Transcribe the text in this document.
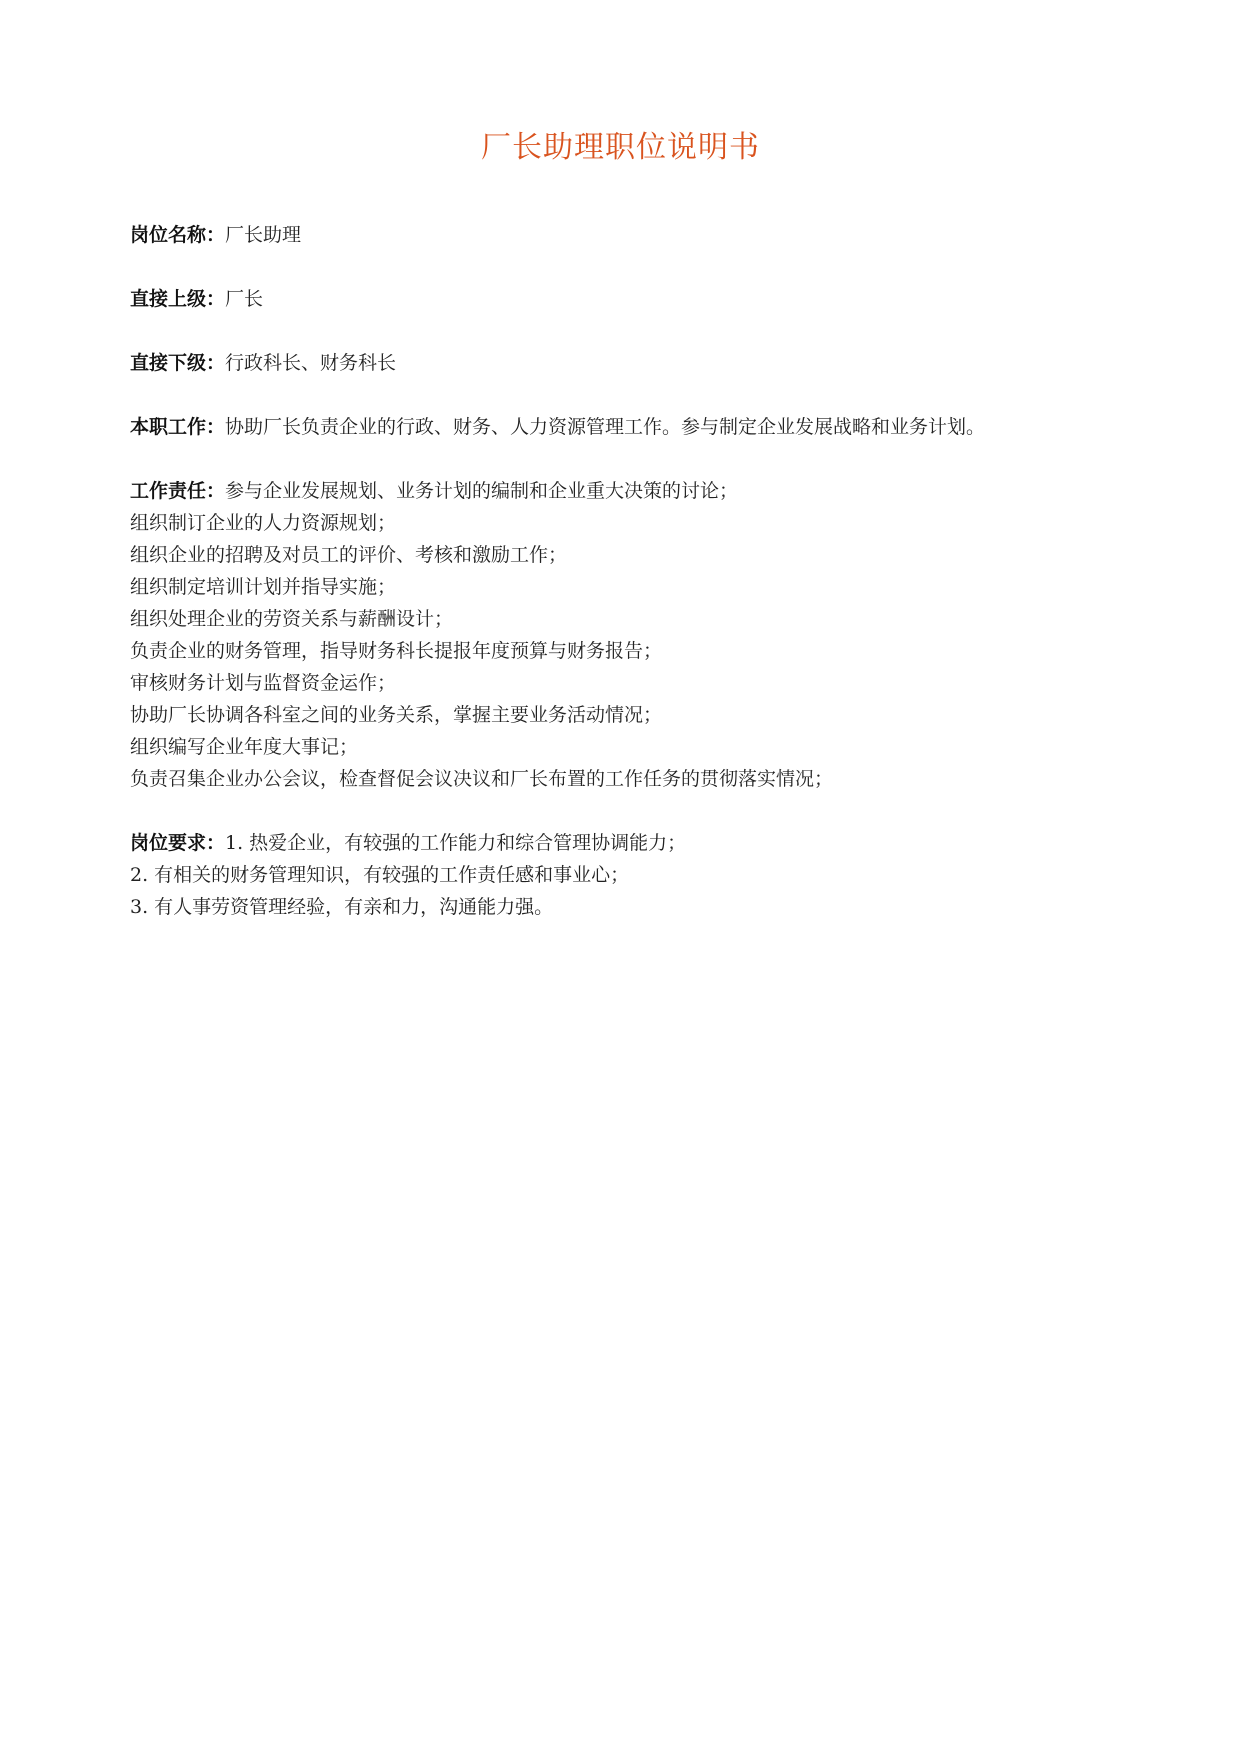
厂长助理职位说明书
岗位名称：厂长助理
直接上级：厂长
直接下级：行政科长、财务科长
本职工作：协助厂长负责企业的行政、财务、人力资源管理工作。参与制定企业发展战略和业务计划。
工作责任：参与企业发展规划、业务计划的编制和企业重大决策的讨论；
组织制订企业的人力资源规划；
组织企业的招聘及对员工的评价、考核和激励工作；
组织制定培训计划并指导实施；
组织处理企业的劳资关系与薪酬设计；
负责企业的财务管理，指导财务科长提报年度预算与财务报告；
审核财务计划与监督资金运作；
协助厂长协调各科室之间的业务关系，掌握主要业务活动情况；
组织编写企业年度大事记；
负责召集企业办公会议，检查督促会议决议和厂长布置的工作任务的贯彻落实情况；
岗位要求：1. 热爱企业，有较强的工作能力和综合管理协调能力；
2. 有相关的财务管理知识，有较强的工作责任感和事业心；
3. 有人事劳资管理经验，有亲和力，沟通能力强。
